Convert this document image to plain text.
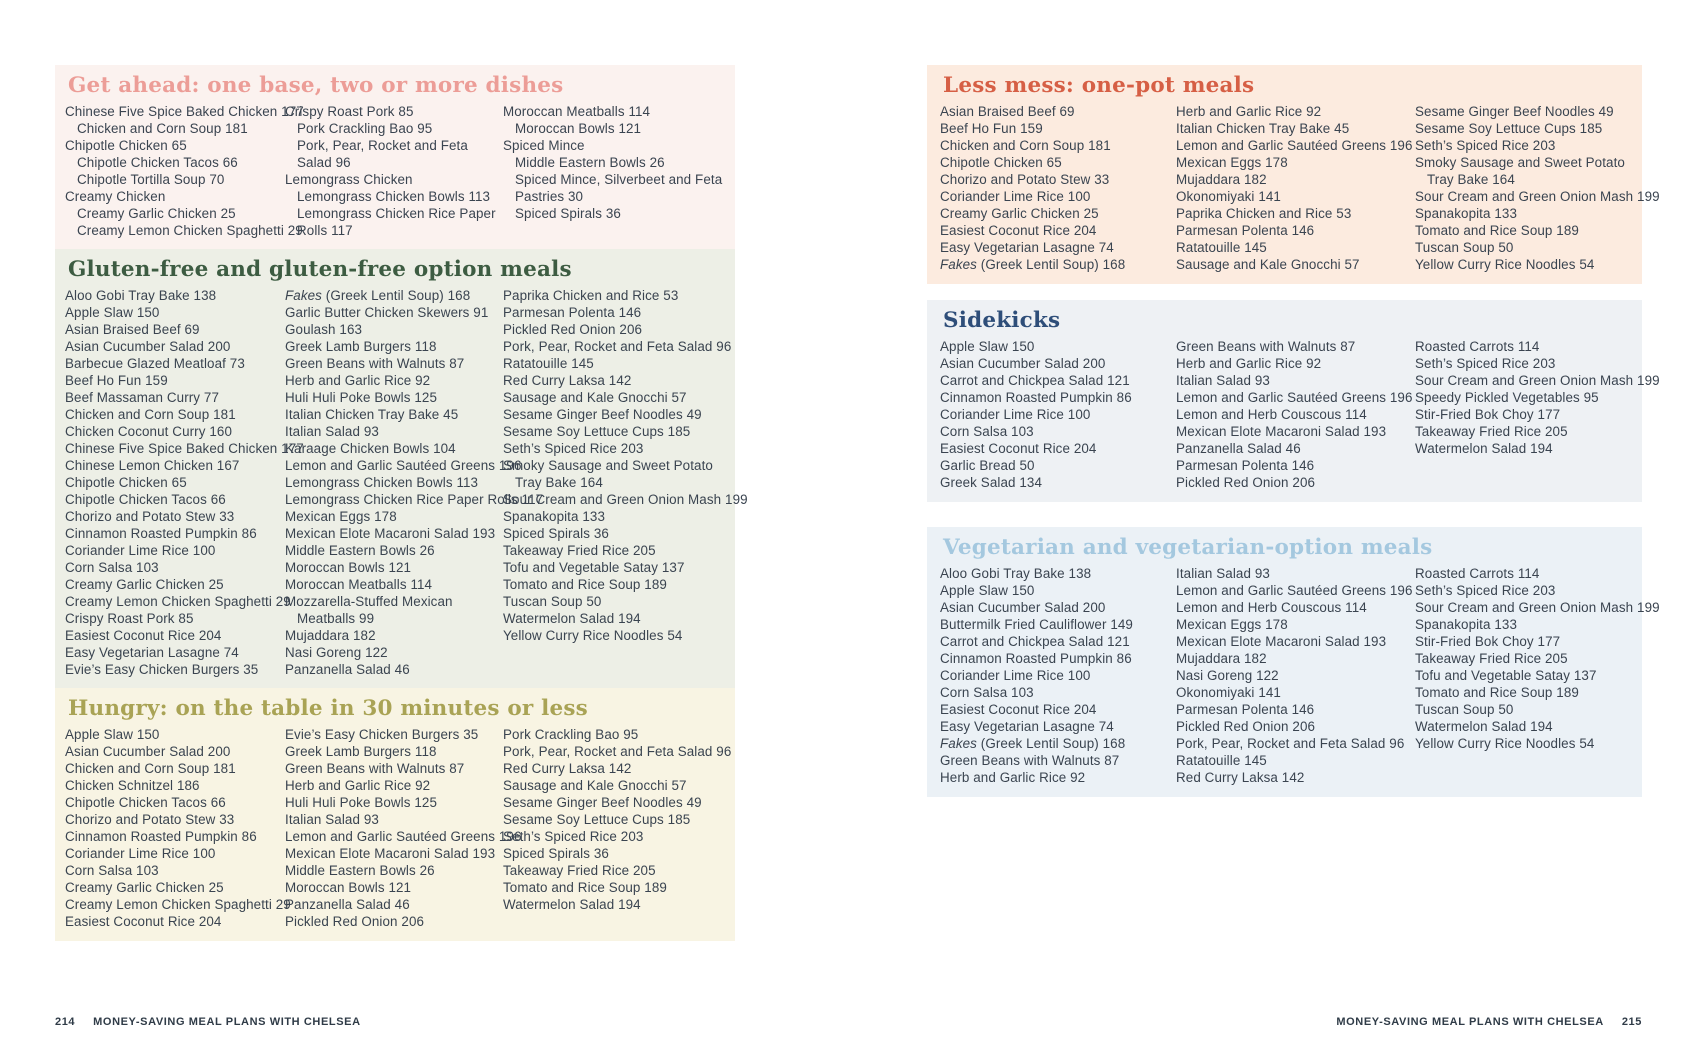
Get ahead: one base, two or more dishes
Chinese Five Spice Baked Chicken 177
Chicken and Corn Soup 181
Chipotle Chicken 65
Chipotle Chicken Tacos 66
Chipotle Tortilla Soup 70
Creamy Chicken
Creamy Garlic Chicken 25
Creamy Lemon Chicken Spaghetti 29
Crispy Roast Pork 85
Pork Crackling Bao 95
Pork, Pear, Rocket and Feta
Salad 96
Lemongrass Chicken
Lemongrass Chicken Bowls 113
Lemongrass Chicken Rice Paper
Rolls 117
Moroccan Meatballs 114
Moroccan Bowls 121
Spiced Mince
Middle Eastern Bowls 26
Spiced Mince, Silverbeet and Feta
Pastries 30
Spiced Spirals 36
Gluten-free and gluten-free option meals
Aloo Gobi Tray Bake 138
Apple Slaw 150
Asian Braised Beef 69
Asian Cucumber Salad 200
Barbecue Glazed Meatloaf 73
Beef Ho Fun 159
Beef Massaman Curry 77
Chicken and Corn Soup 181
Chicken Coconut Curry 160
Chinese Five Spice Baked Chicken 177
Chinese Lemon Chicken 167
Chipotle Chicken 65
Chipotle Chicken Tacos 66
Chorizo and Potato Stew 33
Cinnamon Roasted Pumpkin 86
Coriander Lime Rice 100
Corn Salsa 103
Creamy Garlic Chicken 25
Creamy Lemon Chicken Spaghetti 29
Crispy Roast Pork 85
Easiest Coconut Rice 204
Easy Vegetarian Lasagne 74
Evie’s Easy Chicken Burgers 35
Fakes (Greek Lentil Soup) 168
Garlic Butter Chicken Skewers 91
Goulash 163
Greek Lamb Burgers 118
Green Beans with Walnuts 87
Herb and Garlic Rice 92
Huli Huli Poke Bowls 125
Italian Chicken Tray Bake 45
Italian Salad 93
Karaage Chicken Bowls 104
Lemon and Garlic Sautéed Greens 196
Lemongrass Chicken Bowls 113
Lemongrass Chicken Rice Paper Rolls 117
Mexican Eggs 178
Mexican Elote Macaroni Salad 193
Middle Eastern Bowls 26
Moroccan Bowls 121
Moroccan Meatballs 114
Mozzarella-Stuffed Mexican
Meatballs 99
Mujaddara 182
Nasi Goreng 122
Panzanella Salad 46
Paprika Chicken and Rice 53
Parmesan Polenta 146
Pickled Red Onion 206
Pork, Pear, Rocket and Feta Salad 96
Ratatouille 145
Red Curry Laksa 142
Sausage and Kale Gnocchi 57
Sesame Ginger Beef Noodles 49
Sesame Soy Lettuce Cups 185
Seth’s Spiced Rice 203
Smoky Sausage and Sweet Potato
Tray Bake 164
Sour Cream and Green Onion Mash 199
Spanakopita 133
Spiced Spirals 36
Takeaway Fried Rice 205
Tofu and Vegetable Satay 137
Tomato and Rice Soup 189
Tuscan Soup 50
Watermelon Salad 194
Yellow Curry Rice Noodles 54
Hungry: on the table in 30 minutes or less
Apple Slaw 150
Asian Cucumber Salad 200
Chicken and Corn Soup 181
Chicken Schnitzel 186
Chipotle Chicken Tacos 66
Chorizo and Potato Stew 33
Cinnamon Roasted Pumpkin 86
Coriander Lime Rice 100
Corn Salsa 103
Creamy Garlic Chicken 25
Creamy Lemon Chicken Spaghetti 29
Easiest Coconut Rice 204
Evie’s Easy Chicken Burgers 35
Greek Lamb Burgers 118
Green Beans with Walnuts 87
Herb and Garlic Rice 92
Huli Huli Poke Bowls 125
Italian Salad 93
Lemon and Garlic Sautéed Greens 196
Mexican Elote Macaroni Salad 193
Middle Eastern Bowls 26
Moroccan Bowls 121
Panzanella Salad 46
Pickled Red Onion 206
Pork Crackling Bao 95
Pork, Pear, Rocket and Feta Salad 96
Red Curry Laksa 142
Sausage and Kale Gnocchi 57
Sesame Ginger Beef Noodles 49
Sesame Soy Lettuce Cups 185
Seth’s Spiced Rice 203
Spiced Spirals 36
Takeaway Fried Rice 205
Tomato and Rice Soup 189
Watermelon Salad 194
Less mess: one-pot meals
Asian Braised Beef 69
Beef Ho Fun 159
Chicken and Corn Soup 181
Chipotle Chicken 65
Chorizo and Potato Stew 33
Coriander Lime Rice 100
Creamy Garlic Chicken 25
Easiest Coconut Rice 204
Easy Vegetarian Lasagne 74
Fakes (Greek Lentil Soup) 168
Herb and Garlic Rice 92
Italian Chicken Tray Bake 45
Lemon and Garlic Sautéed Greens 196
Mexican Eggs 178
Mujaddara 182
Okonomiyaki 141
Paprika Chicken and Rice 53
Parmesan Polenta 146
Ratatouille 145
Sausage and Kale Gnocchi 57
Sesame Ginger Beef Noodles 49
Sesame Soy Lettuce Cups 185
Seth’s Spiced Rice 203
Smoky Sausage and Sweet Potato
Tray Bake 164
Sour Cream and Green Onion Mash 199
Spanakopita 133
Tomato and Rice Soup 189
Tuscan Soup 50
Yellow Curry Rice Noodles 54
Sidekicks
Apple Slaw 150
Asian Cucumber Salad 200
Carrot and Chickpea Salad 121
Cinnamon Roasted Pumpkin 86
Coriander Lime Rice 100
Corn Salsa 103
Easiest Coconut Rice 204
Garlic Bread 50
Greek Salad 134
Green Beans with Walnuts 87
Herb and Garlic Rice 92
Italian Salad 93
Lemon and Garlic Sautéed Greens 196
Lemon and Herb Couscous 114
Mexican Elote Macaroni Salad 193
Panzanella Salad 46
Parmesan Polenta 146
Pickled Red Onion 206
Roasted Carrots 114
Seth’s Spiced Rice 203
Sour Cream and Green Onion Mash 199
Speedy Pickled Vegetables 95
Stir-Fried Bok Choy 177
Takeaway Fried Rice 205
Watermelon Salad 194
Vegetarian and vegetarian-option meals
Aloo Gobi Tray Bake 138
Apple Slaw 150
Asian Cucumber Salad 200
Buttermilk Fried Cauliflower 149
Carrot and Chickpea Salad 121
Cinnamon Roasted Pumpkin 86
Coriander Lime Rice 100
Corn Salsa 103
Easiest Coconut Rice 204
Easy Vegetarian Lasagne 74
Fakes (Greek Lentil Soup) 168
Green Beans with Walnuts 87
Herb and Garlic Rice 92
Italian Salad 93
Lemon and Garlic Sautéed Greens 196
Lemon and Herb Couscous 114
Mexican Eggs 178
Mexican Elote Macaroni Salad 193
Mujaddara 182
Nasi Goreng 122
Okonomiyaki 141
Parmesan Polenta 146
Pickled Red Onion 206
Pork, Pear, Rocket and Feta Salad 96
Ratatouille 145
Red Curry Laksa 142
Roasted Carrots 114
Seth’s Spiced Rice 203
Sour Cream and Green Onion Mash 199
Spanakopita 133
Stir-Fried Bok Choy 177
Takeaway Fried Rice 205
Tofu and Vegetable Satay 137
Tomato and Rice Soup 189
Tuscan Soup 50
Watermelon Salad 194
Yellow Curry Rice Noodles 54
214 MONEY-SAVING MEAL PLANS WITH CHELSEA	MONEY-SAVING MEAL PLANS WITH CHELSEA 215
